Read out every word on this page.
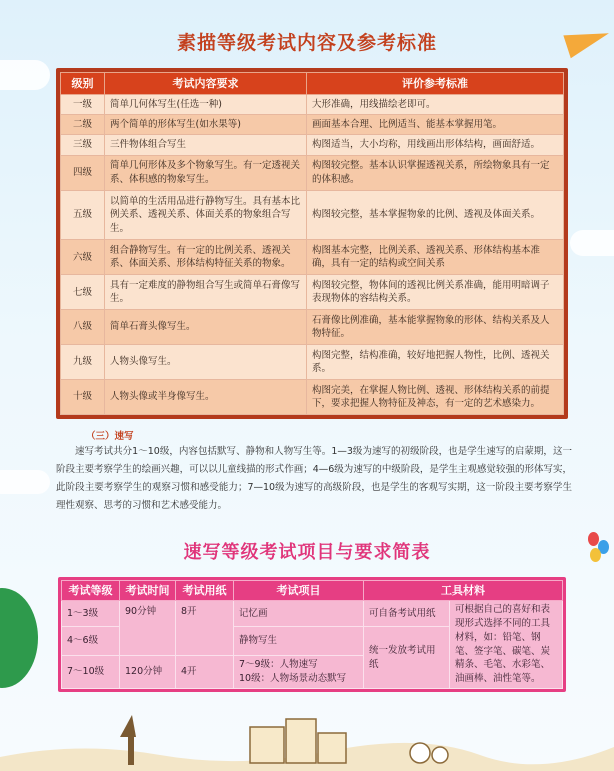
素描等级考试内容及参考标准
级别	考试内容要求	评价参考标准
一级	简单几何体写生(任选一种)	大形准确，用线描绘老即可。
二级	两个简单的形体写生(如水果等)	画面基本合理、比例适当、能基本掌握用笔。
三级	三件物体组合写生	构图适当，大小均称，用线画出形体结构，画面舒适。
四级	简单几何形体及多个物象写生。有一定透视关系、体积感的物象写生。	构图较完整。基本认识掌握透视关系，所绘物象具有一定的体积感。
五级	以简单的生活用品进行静物写生。具有基本比例关系、透视关系、体面关系的物象组合写生。	构图较完整，基本掌握物象的比例、透视及体面关系。
六级	组合静物写生。有一定的比例关系、透视关系、体面关系、形体结构特征关系的物象。	构图基本完整，比例关系、透视关系、形体结构基本准确，具有一定的结构或空间关系
七级	具有一定难度的静物组合写生或简单石膏像写生。	构图较完整，物体间的透视比例关系准确，能用明暗调子表现物体的容结构关系。
八级	简单石膏头像写生。	石膏像比例准确，基本能掌握物象的形体、结构关系及人物特征。
九级	人物头像写生。	构图完整，结构准确，较好地把握人物性，比例、透视关系。
十级	人物头像或半身像写生。	构图完美，在掌握人物比例、透视、形体结构关系的前提下，要求把握人物特征及神态，有一定的艺术感染力。
（三）速写

速写考试共分1～10级，内容包括默写、静物和人物写生等。1—3级为速写的初级阶段，也是学生速写的启蒙期，这一阶段主要考察学生的绘画兴趣，可以以儿童线描的形式作画；4—6级为速写的中级阶段，是学生主观感觉较强的形体写实，此阶段主要考察学生的观察习惯和感受能力；7—10级为速写的高级阶段，也是学生的客观写实期，这一阶段主要考察学生理性观察、思考的习惯和艺术感受能力。

速写等级考试项目与要求简表
考试等级	考试时间	考试用纸	考试项目	工具材料	
1～3级	90分钟	8开	记忆画	可自备考试用纸	可根据自己的喜好和表现形式选择不同的工具材料，如：铅笔、钢笔、签字笔、碳笔、炭精条、毛笔、水彩笔、油画棒、油性笔等。
4～6级			静物写生	统一发放考试用纸	
7～10级	120分钟	4开	7～9级：人物速写
10级：人物场景动态默写		
